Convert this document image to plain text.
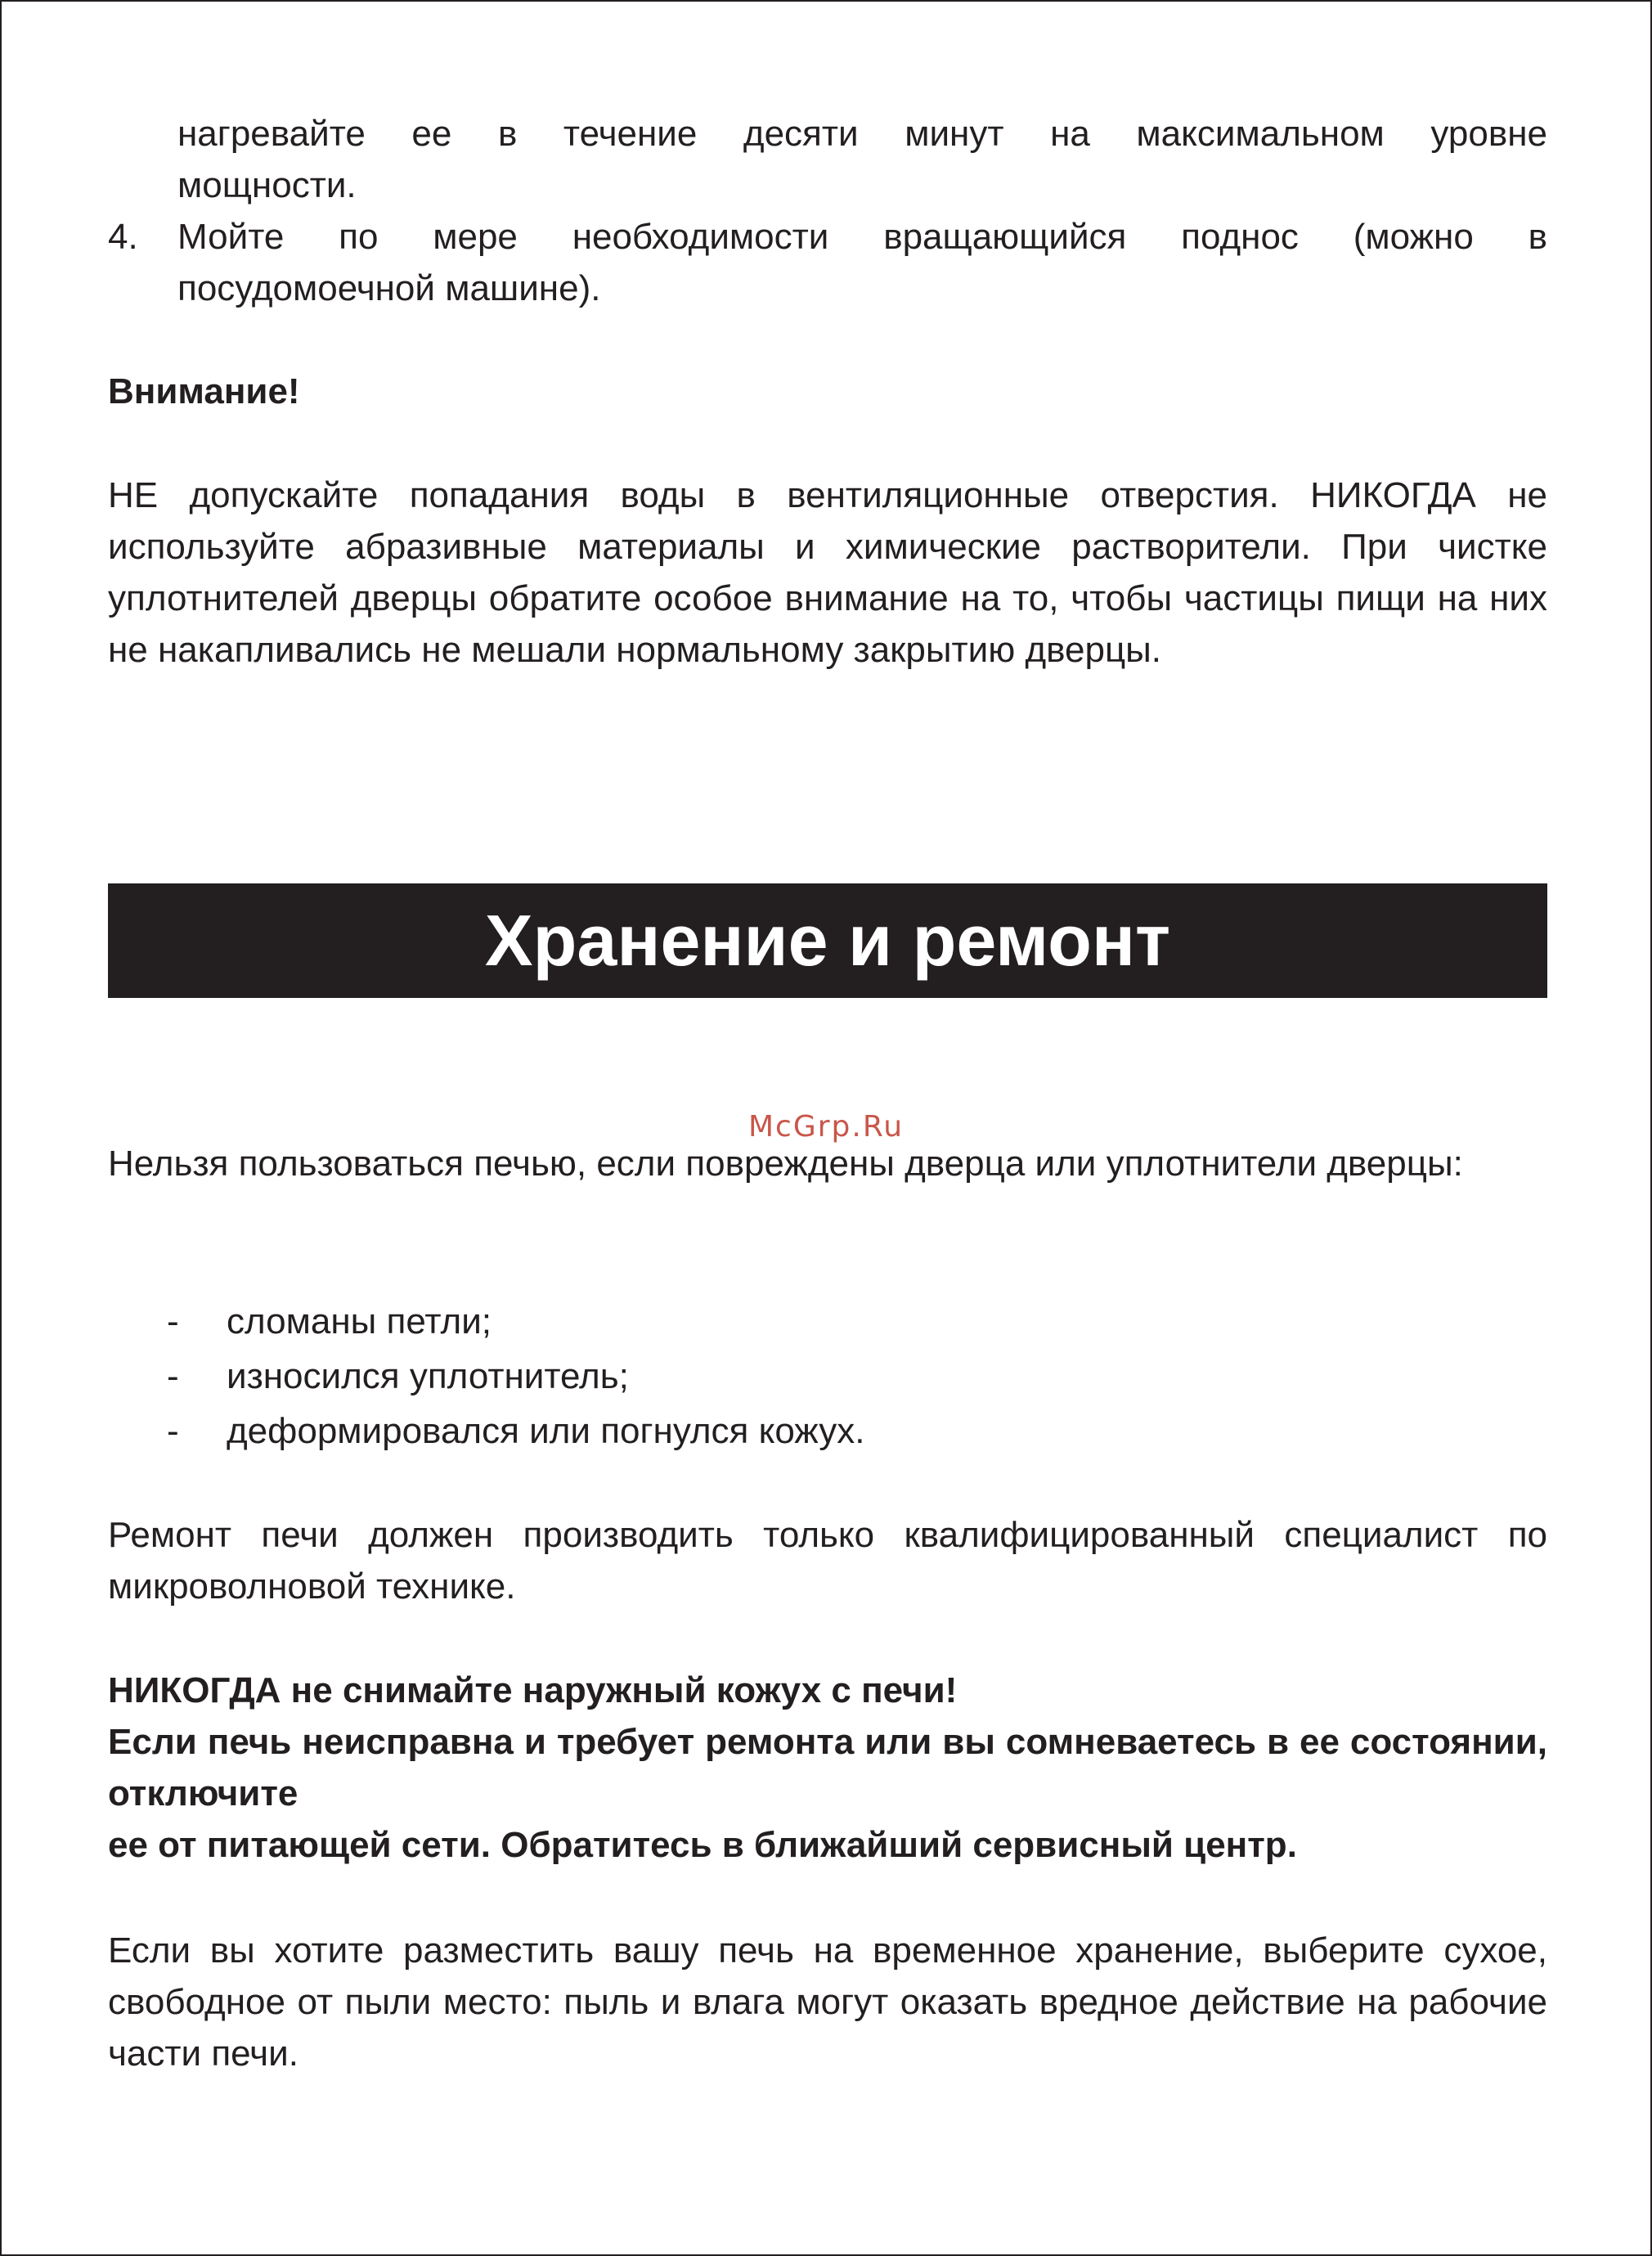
нагревайте ее в течение десяти минут на максимальном уровне

мощности.

4. Мойте по мере необходимости вращающийся поднос (можно в

посудомоечной машине).

Внимание!

НЕ допускайте попадания воды в вентиляционные отверстия. НИКОГДА не используйте абразивные материалы и химические растворители. При чистке уплотнителей дверцы обратите особое внимание на то, чтобы частицы пищи на них не накапливались не мешали нормальному закрытию дверцы.

Хранение и ремонт
McGrp.Ru

Нельзя пользоваться печью, если повреждены дверца или уплотнители дверцы:

- сломаны петли;
- износился уплотнитель;
- деформировался или погнулся кожух.

Ремонт печи должен производить только квалифицированный специалист по микроволновой технике.

НИКОГДА не снимайте наружный кожух с печи!

Если печь неисправна и требует ремонта или вы сомневаетесь в ее состоянии, отключите

ее от питающей сети. Обратитесь в ближайший сервисный центр.

Если вы хотите разместить вашу печь на временное хранение, выберите сухое, свободное от пыли место: пыль и влага могут оказать вредное действие на рабочие части печи.
